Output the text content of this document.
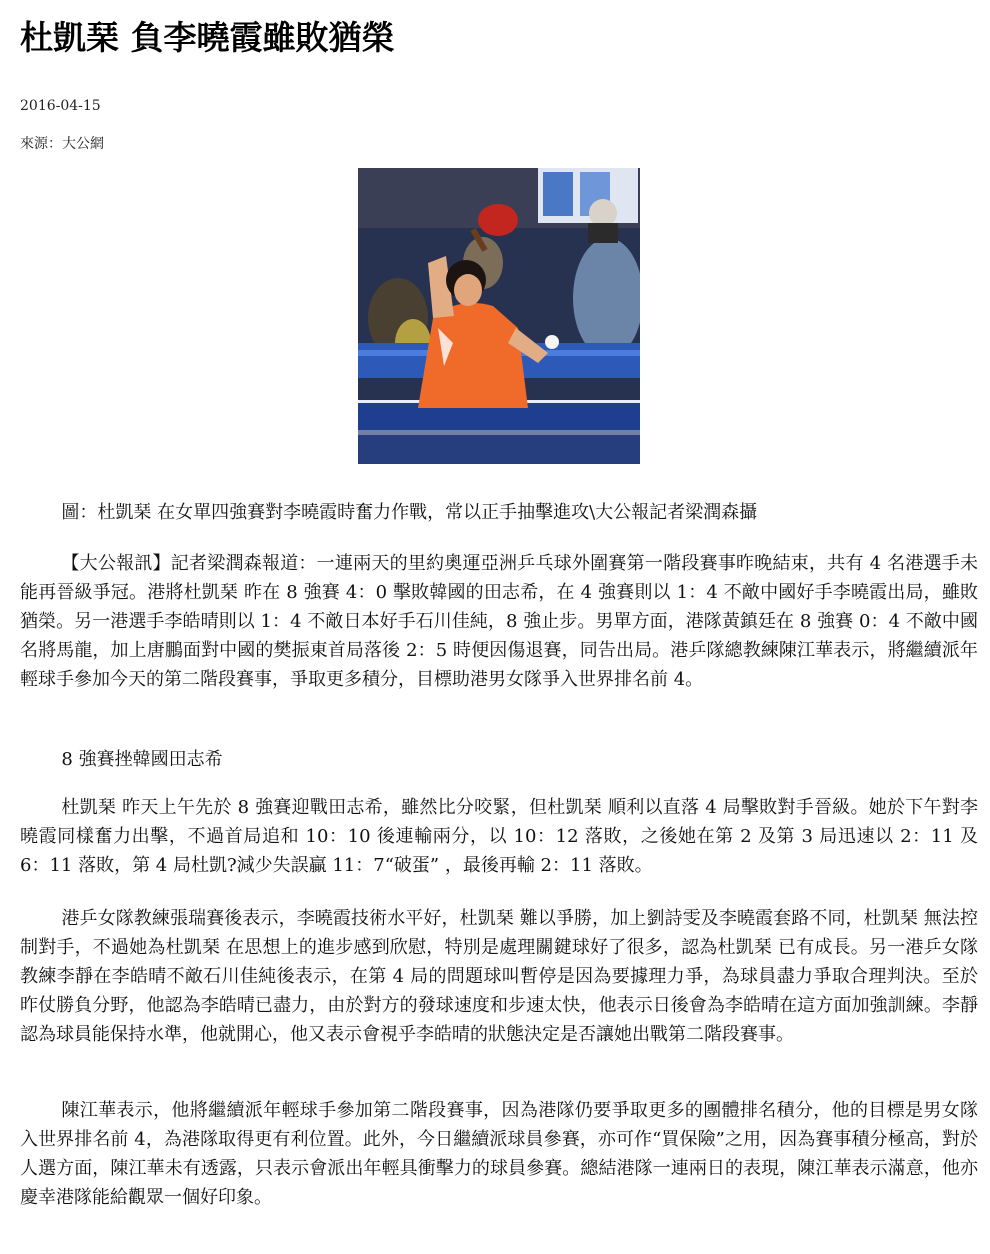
杜凱琹 負李曉霞雖敗猶榮
2016-04-15
來源：大公網

圖：杜凱琹 在女單四強賽對李曉霞時奮力作戰，常以正手抽擊進攻\大公報記者梁潤森攝

【大公報訊】記者梁潤森報道：一連兩天的里約奧運亞洲乒乓球外圍賽第一階段賽事昨晚結束，共有 4 名港選手未能再晉級爭冠。港將杜凱琹 昨在 8 強賽 4：0 擊敗韓國的田志希，在 4 強賽則以 1：4 不敵中國好手李曉霞出局，雖敗猶榮。另一港選手李皓晴則以 1：4 不敵日本好手石川佳純，8 強止步。男單方面，港隊黃鎮廷在 8 強賽 0：4 不敵中國名將馬龍，加上唐鵬面對中國的樊振東首局落後 2：5 時便因傷退賽，同告出局。港乒隊總教練陳江華表示，將繼續派年輕球手參加今天的第二階段賽事，爭取更多積分，目標助港男女隊爭入世界排名前 4。

8 強賽挫韓國田志希

杜凱琹 昨天上午先於 8 強賽迎戰田志希，雖然比分咬緊，但杜凱琹 順利以直落 4 局擊敗對手晉級。她於下午對李曉霞同樣奮力出擊，不過首局追和 10：10 後連輸兩分，以 10：12 落敗，之後她在第 2 及第 3 局迅速以 2：11 及 6：11 落敗，第 4 局杜凱?減少失誤贏 11：7“破蛋” ，最後再輸 2：11 落敗。

港乒女隊教練張瑞賽後表示，李曉霞技術水平好，杜凱琹 難以爭勝，加上劉詩雯及李曉霞套路不同，杜凱琹 無法控制對手，不過她為杜凱琹 在思想上的進步感到欣慰，特別是處理關鍵球好了很多，認為杜凱琹 已有成長。另一港乒女隊教練李靜在李皓晴不敵石川佳純後表示，在第 4 局的問題球叫暫停是因為要據理力爭，為球員盡力爭取合理判決。至於昨仗勝負分野，他認為李皓晴已盡力，由於對方的發球速度和步速太快，他表示日後會為李皓晴在這方面加強訓練。李靜認為球員能保持水準，他就開心，他又表示會視乎李皓晴的狀態決定是否讓她出戰第二階段賽事。

陳江華表示，他將繼續派年輕球手參加第二階段賽事，因為港隊仍要爭取更多的團體排名積分，他的目標是男女隊入世界排名前 4，為港隊取得更有利位置。此外，今日繼續派球員參賽，亦可作“買保險”之用，因為賽事積分極高，對於人選方面，陳江華未有透露，只表示會派出年輕具衝擊力的球員參賽。總結港隊一連兩日的表現，陳江華表示滿意，他亦慶幸港隊能給觀眾一個好印象。
